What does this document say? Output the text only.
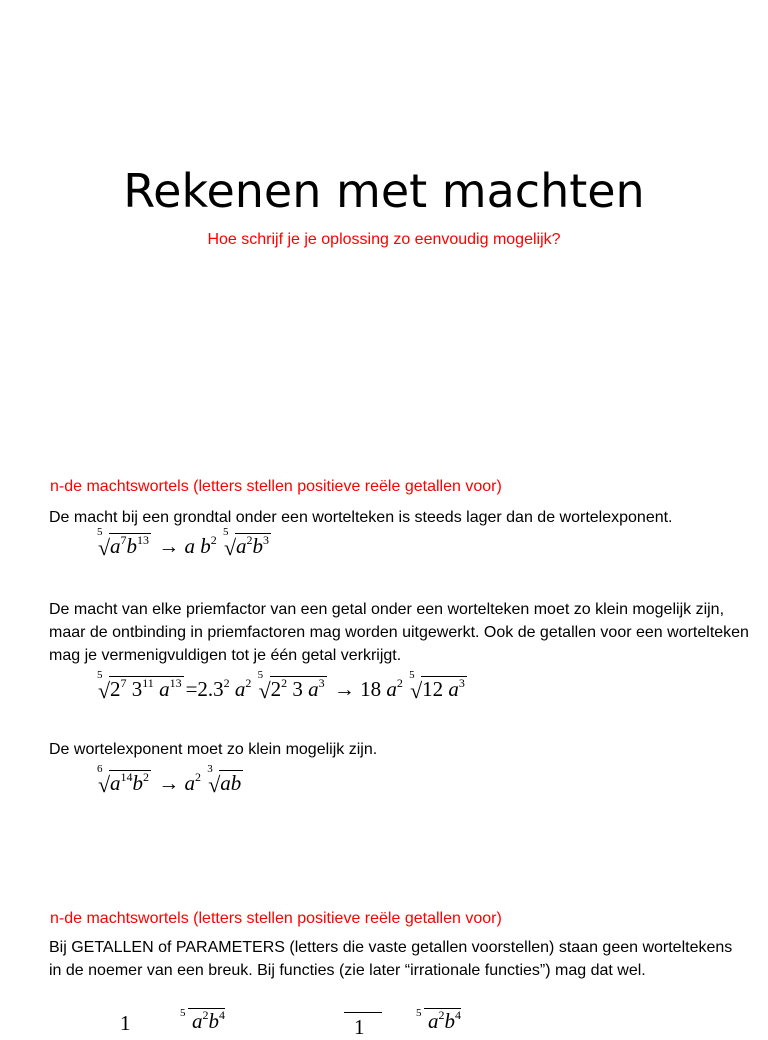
Rekenen met machten
Hoe schrijf je je oplossing zo eenvoudig mogelijk?
n-de machtswortels (letters stellen positieve reële getallen voor)
De macht bij een grondtal onder een wortelteken is steeds lager dan de wortelexponent.
5
√ $a^7b^{13} \to a$ $b^2$
5
√ $a^2b^3$
De macht van elke priemfactor van een getal onder een wortelteken moet zo klein mogelijk zijn, maar de ontbinding in priemfactoren mag worden uitgewerkt. Ook de getallen voor een wortelteken mag je vermenigvuldigen tot je één getal verkrijgt.
5
√ $2^7$ $3^{11}$ $a^{13} =2.3^2$ $a^2$
5
√ $2^2$ 3 $a^3 \to 18$ $a^2$
5
√ 12 $a^3$
De wortelexponent moet zo klein mogelijk zijn.
6
√ $a^{14}b^2 \to a^2$
3
√ ab
n-de machtswortels (letters stellen positieve reële getallen voor)
Bij GETALLEN of PARAMETERS (letters die vaste getallen voorstellen) staan geen worteltekens in de noemer van een breuk. Bij functies (zie later “irrationale functies”) mag dat wel.
1	5 $a^2b^4$	1
5 $a^2b^4$
